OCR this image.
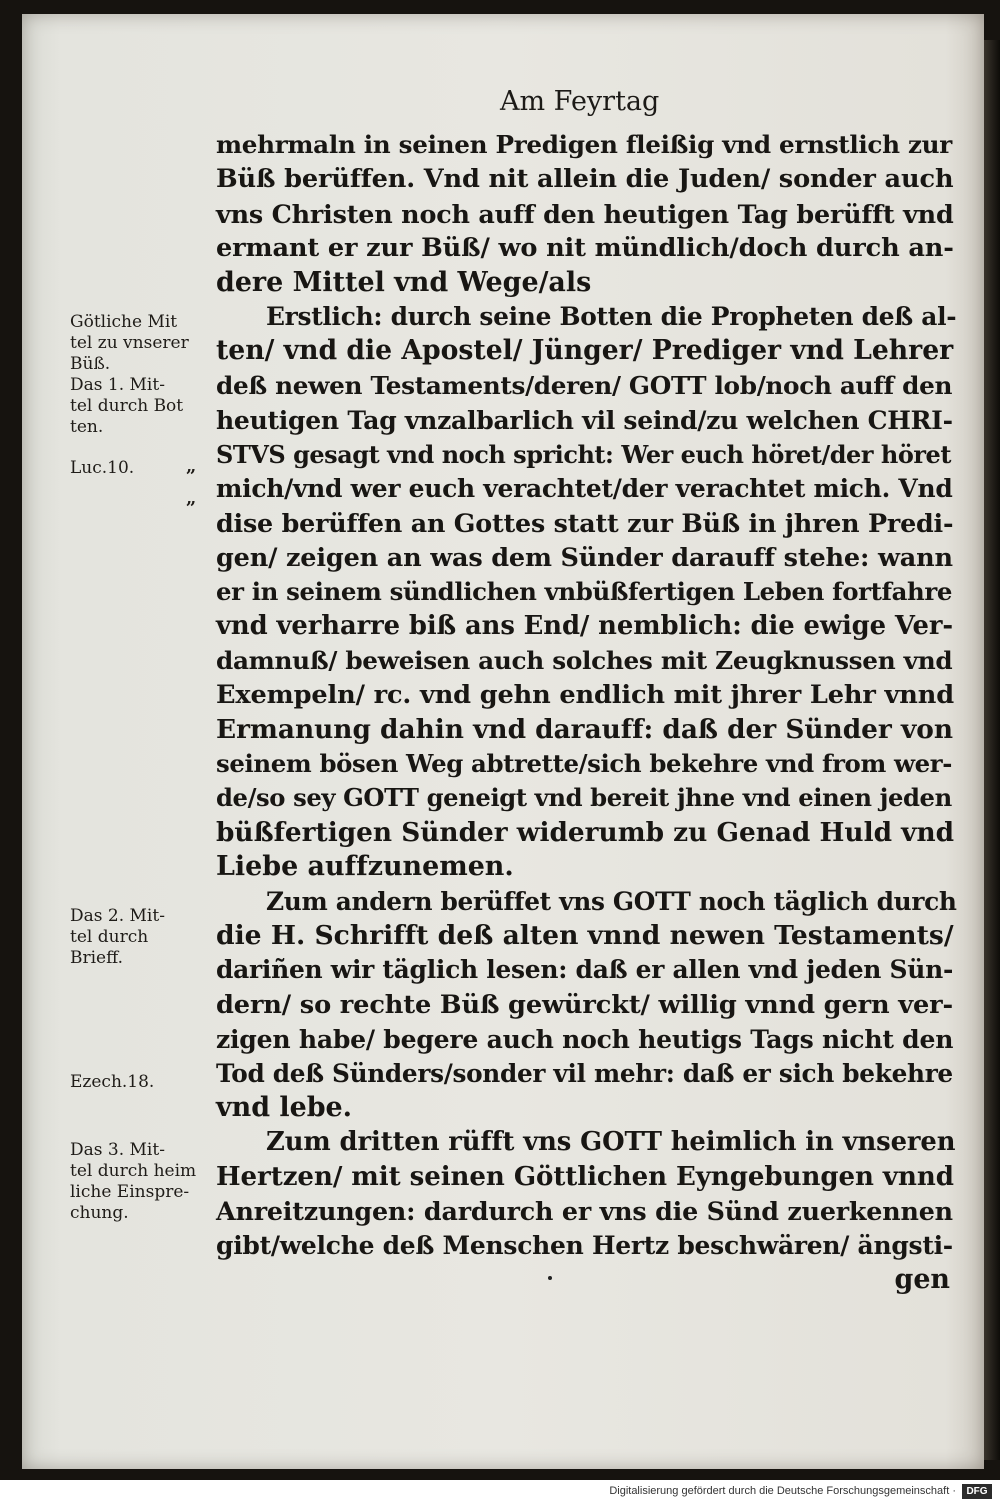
Am Feyrtag
mehrmaln in seinen Predigen fleißig vnd ernstlich zur
Büß berüffen. Vnd nit allein die Juden/ sonder auch
vns Christen noch auff den heutigen Tag berüfft vnd
ermant er zur Büß/ wo nit mündlich/doch durch an-
dere Mittel vnd Wege/als
Erstlich: durch seine Botten die Propheten deß al-
ten/ vnd die Apostel/ Jünger/ Prediger vnd Lehrer
deß newen Testaments/deren/ GOTT lob/noch auff den
heutigen Tag vnzalbarlich vil seind/zu welchen CHRI-
STVS gesagt vnd noch spricht: Wer euch höret/der höret
mich/vnd wer euch verachtet/der verachtet mich. Vnd
dise berüffen an Gottes statt zur Büß in jhren Predi-
gen/ zeigen an was dem Sünder darauff stehe: wann
er in seinem sündlichen vnbüßfertigen Leben fortfahre
vnd verharre biß ans End/ nemblich: die ewige Ver-
damnuß/ beweisen auch solches mit Zeugknussen vnd
Exempeln/ rc. vnd gehn endlich mit jhrer Lehr vnnd
Ermanung dahin vnd darauff: daß der Sünder von
seinem bösen Weg abtrette/sich bekehre vnd from wer-
de/so sey GOTT geneigt vnd bereit jhne vnd einen jeden
büßfertigen Sünder widerumb zu Genad Huld vnd
Liebe auffzunemen.
Zum andern berüffet vns GOTT noch täglich durch
die H. Schrifft deß alten vnnd newen Testaments/
dariñen wir täglich lesen: daß er allen vnd jeden Sün-
dern/ so rechte Büß gewürckt/ willig vnnd gern ver-
zigen habe/ begere auch noch heutigs Tags nicht den
Tod deß Sünders/sonder vil mehr: daß er sich bekehre
vnd lebe.
Zum dritten rüfft vns GOTT heimlich in vnseren
Hertzen/ mit seinen Göttlichen Eyngebungen vnnd
Anreitzungen: dardurch er vns die Sünd zuerkennen
gibt/welche deß Menschen Hertz beschwären/ ängsti-
gen
Götliche Mit
tel zu vnserer
Büß.
Das 1. Mit-
tel durch Bot
ten.
Luc.10.	„
„
Das 2. Mit-
tel durch
Brieff.
Ezech.18.
Das 3. Mit-
tel durch heim
liche Einspre-
chung.
Digitalisierung gefördert durch die Deutsche Forschungsgemeinschaft ·	DFG
